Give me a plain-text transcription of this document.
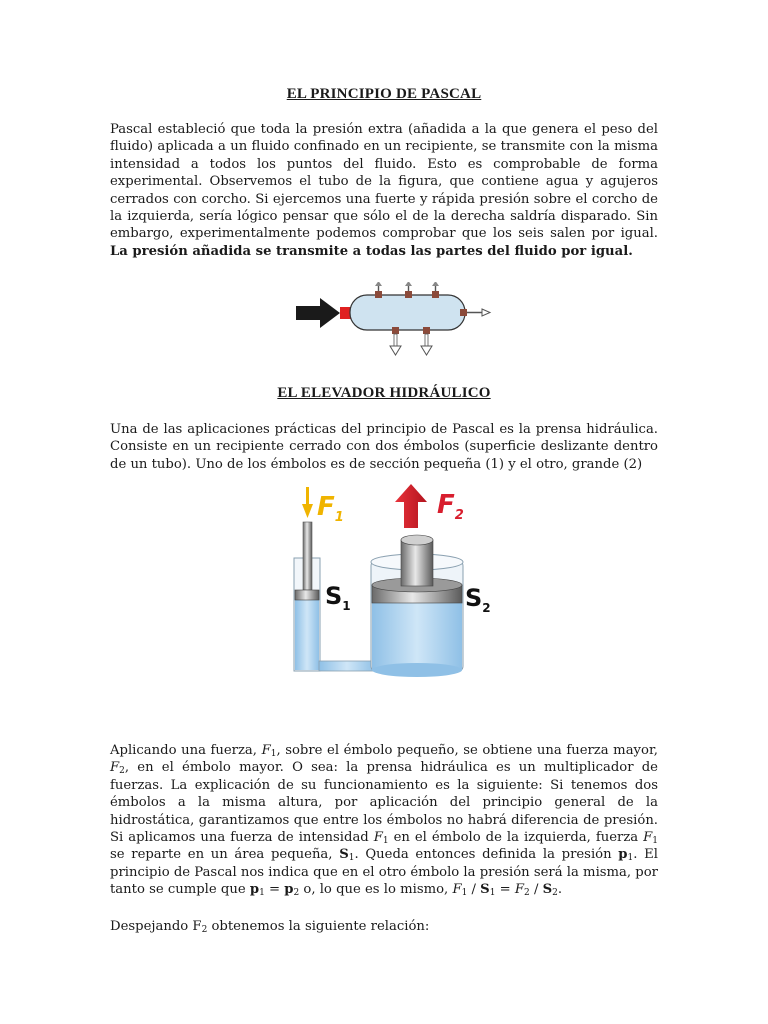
EL PRINCIPIO DE PASCAL
Pascal estableció que toda la presión extra (añadida a la que genera el peso del fluido) aplicada a un fluido confinado en un recipiente, se transmite con la misma intensidad a todos los puntos del fluido. Esto es comprobable de forma experimental. Observemos el tubo de la figura, que contiene agua y agujeros cerrados con corcho. Si ejercemos una fuerte y rápida presión sobre el corcho de la izquierda, sería lógico pensar que sólo el de la derecha saldría disparado. Sin embargo, experimentalmente podemos comprobar que los seis salen por igual. La presión añadida se transmite a todas las partes del fluido por igual.
EL ELEVADOR HIDRÁULICO
Una de las aplicaciones prácticas del principio de Pascal es la prensa hidráulica. Consiste en un recipiente cerrado con dos émbolos (superficie deslizante dentro de un tubo). Uno de los émbolos es de sección pequeña (1) y el otro, grande (2)
$F_1$	$F_2$
$S_1$	$S_2$
Aplicando una fuerza, $F_1$, sobre el émbolo pequeño, se obtiene una fuerza mayor, $F_2$, en el émbolo mayor. O sea: la prensa hidráulica es un multiplicador de fuerzas. La explicación de su funcionamiento es la siguiente: Si tenemos dos émbolos a la misma altura, por aplicación del principio general de la hidrostática, garantizamos que entre los émbolos no habrá diferencia de presión. Si aplicamos una fuerza de intensidad $F_1$ en el émbolo de la izquierda, fuerza $F_1$ se reparte en un área pequeña, $S_1$. Queda entonces definida la presión $p_1$. El principio de Pascal nos indica que en el otro émbolo la presión será la misma, por tanto se cumple que $p_1 = p_2$ o, lo que es lo mismo, $F_1 / S_1 = F_2 / S_2$.
Despejando $F_2$ obtenemos la siguiente relación:
